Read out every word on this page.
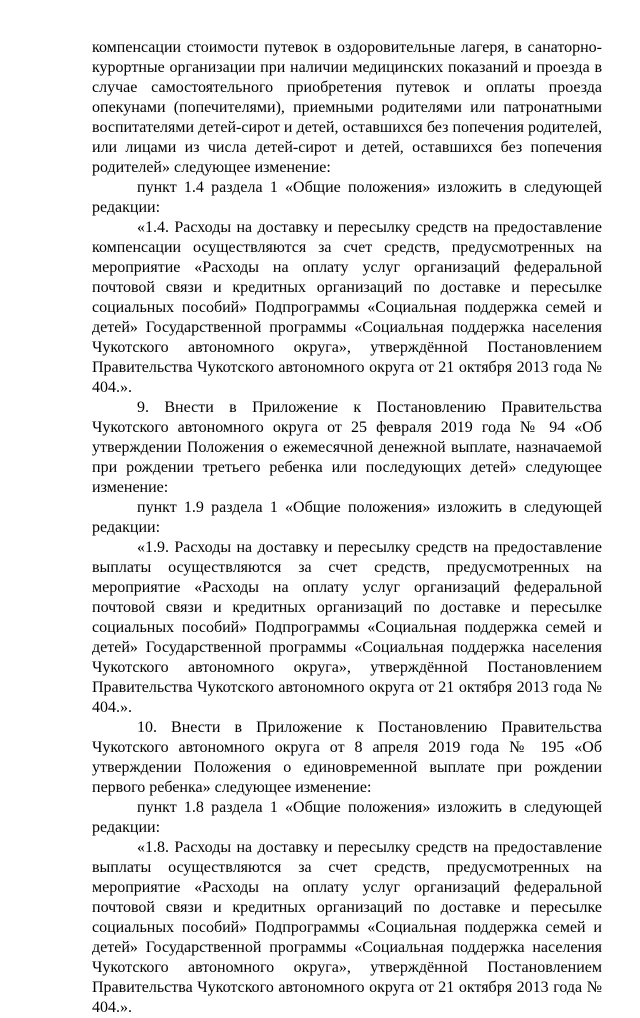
компенсации стоимости путевок в оздоровительные лагеря, в санаторно-курортные организации при наличии медицинских показаний и проезда в случае самостоятельного приобретения путевок и оплаты проезда опекунами (попечителями), приемными родителями или патронатными воспитателями детей-сирот и детей, оставшихся без попечения родителей, или лицами из числа детей-сирот и детей, оставшихся без попечения родителей» следующее изменение:

пункт 1.4 раздела 1 «Общие положения» изложить в следующей редакции:

«1.4. Расходы на доставку и пересылку средств на предоставление компенсации осуществляются за счет средств, предусмотренных на мероприятие «Расходы на оплату услуг организаций федеральной почтовой связи и кредитных организаций по доставке и пересылке социальных пособий» Подпрограммы «Социальная поддержка семей и детей» Государственной программы «Социальная поддержка населения Чукотского автономного округа», утверждённой Постановлением Правительства Чукотского автономного округа от 21 октября 2013 года № 404.».

9. Внести в Приложение к Постановлению Правительства Чукотского автономного округа от 25 февраля 2019 года № 94 «Об утверждении Положения о ежемесячной денежной выплате, назначаемой при рождении третьего ребенка или последующих детей» следующее изменение:

пункт 1.9 раздела 1 «Общие положения» изложить в следующей редакции:

«1.9. Расходы на доставку и пересылку средств на предоставление выплаты осуществляются за счет средств, предусмотренных на мероприятие «Расходы на оплату услуг организаций федеральной почтовой связи и кредитных организаций по доставке и пересылке социальных пособий» Подпрограммы «Социальная поддержка семей и детей» Государственной программы «Социальная поддержка населения Чукотского автономного округа», утверждённой Постановлением Правительства Чукотского автономного округа от 21 октября 2013 года № 404.».

10. Внести в Приложение к Постановлению Правительства Чукотского автономного округа от 8 апреля 2019 года № 195 «Об утверждении Положения о единовременной выплате при рождении первого ребенка» следующее изменение:

пункт 1.8 раздела 1 «Общие положения» изложить в следующей редакции:

«1.8. Расходы на доставку и пересылку средств на предоставление выплаты осуществляются за счет средств, предусмотренных на мероприятие «Расходы на оплату услуг организаций федеральной почтовой связи и кредитных организаций по доставке и пересылке социальных пособий» Подпрограммы «Социальная поддержка семей и детей» Государственной программы «Социальная поддержка населения Чукотского автономного округа», утверждённой Постановлением Правительства Чукотского автономного округа от 21 октября 2013 года № 404.».
